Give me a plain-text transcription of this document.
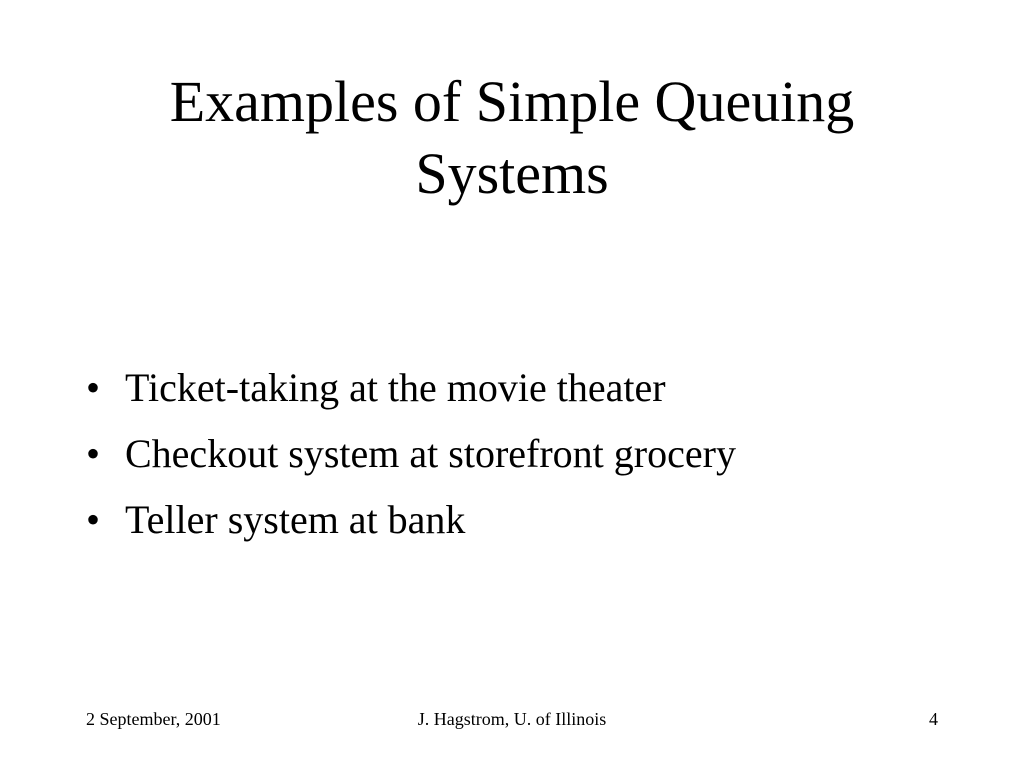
Examples of Simple Queuing
Systems
• Ticket-taking at the movie theater
• Checkout system at storefront grocery
• Teller system at bank
2 September, 2001	J. Hagstrom, U. of Illinois	4
